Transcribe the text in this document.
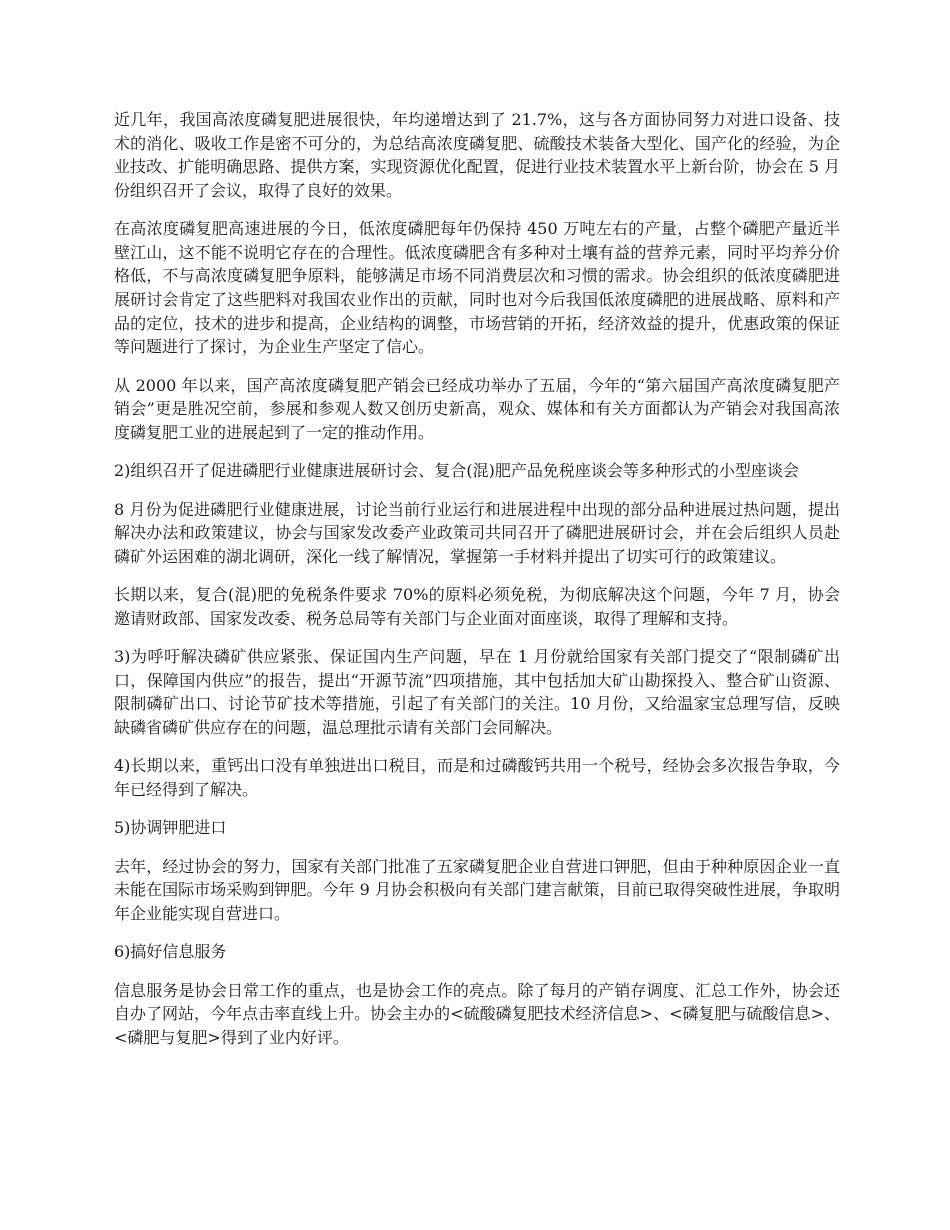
近几年，我国高浓度磷复肥进展很快，年均递增达到了 21.7%，这与各方面协同努力对进口设备、技术的消化、吸收工作是密不可分的，为总结高浓度磷复肥、硫酸技术装备大型化、国产化的经验，为企业技改、扩能明确思路、提供方案，实现资源优化配置，促进行业技术装置水平上新台阶，协会在 5 月份组织召开了会议，取得了良好的效果。

在高浓度磷复肥高速进展的今日，低浓度磷肥每年仍保持 450 万吨左右的产量，占整个磷肥产量近半壁江山，这不能不说明它存在的合理性。低浓度磷肥含有多种对土壤有益的营养元素，同时平均养分价格低，不与高浓度磷复肥争原料，能够满足市场不同消费层次和习惯的需求。协会组织的低浓度磷肥进展研讨会肯定了这些肥料对我国农业作出的贡献，同时也对今后我国低浓度磷肥的进展战略、原料和产品的定位，技术的进步和提高，企业结构的调整，市场营销的开拓，经济效益的提升，优惠政策的保证等问题进行了探讨，为企业生产坚定了信心。

从 2000 年以来，国产高浓度磷复肥产销会已经成功举办了五届，今年的“第六届国产高浓度磷复肥产销会”更是胜况空前，参展和参观人数又创历史新高，观众、媒体和有关方面都认为产销会对我国高浓度磷复肥工业的进展起到了一定的推动作用。

2)组织召开了促进磷肥行业健康进展研讨会、复合(混)肥产品免税座谈会等多种形式的小型座谈会

8 月份为促进磷肥行业健康进展，讨论当前行业运行和进展进程中出现的部分品种进展过热问题，提出解决办法和政策建议，协会与国家发改委产业政策司共同召开了磷肥进展研讨会，并在会后组织人员赴磷矿外运困难的湖北调研，深化一线了解情况，掌握第一手材料并提出了切实可行的政策建议。

长期以来，复合(混)肥的免税条件要求 70%的原料必须免税，为彻底解决这个问题，今年 7 月，协会邀请财政部、国家发改委、税务总局等有关部门与企业面对面座谈，取得了理解和支持。

3)为呼吁解决磷矿供应紧张、保证国内生产问题，早在 1 月份就给国家有关部门提交了“限制磷矿出口，保障国内供应”的报告，提出“开源节流”四项措施，其中包括加大矿山勘探投入、整合矿山资源、限制磷矿出口、讨论节矿技术等措施，引起了有关部门的关注。10 月份，又给温家宝总理写信，反映缺磷省磷矿供应存在的问题，温总理批示请有关部门会同解决。

4)长期以来，重钙出口没有单独进出口税目，而是和过磷酸钙共用一个税号，经协会多次报告争取，今年已经得到了解决。

5)协调钾肥进口

去年，经过协会的努力，国家有关部门批准了五家磷复肥企业自营进口钾肥，但由于种种原因企业一直未能在国际市场采购到钾肥。今年 9 月协会积极向有关部门建言献策，目前已取得突破性进展，争取明年企业能实现自营进口。

6)搞好信息服务

信息服务是协会日常工作的重点，也是协会工作的亮点。除了每月的产销存调度、汇总工作外，协会还自办了网站，今年点击率直线上升。协会主办的<硫酸磷复肥技术经济信息>、<磷复肥与硫酸信息>、<磷肥与复肥>得到了业内好评。
